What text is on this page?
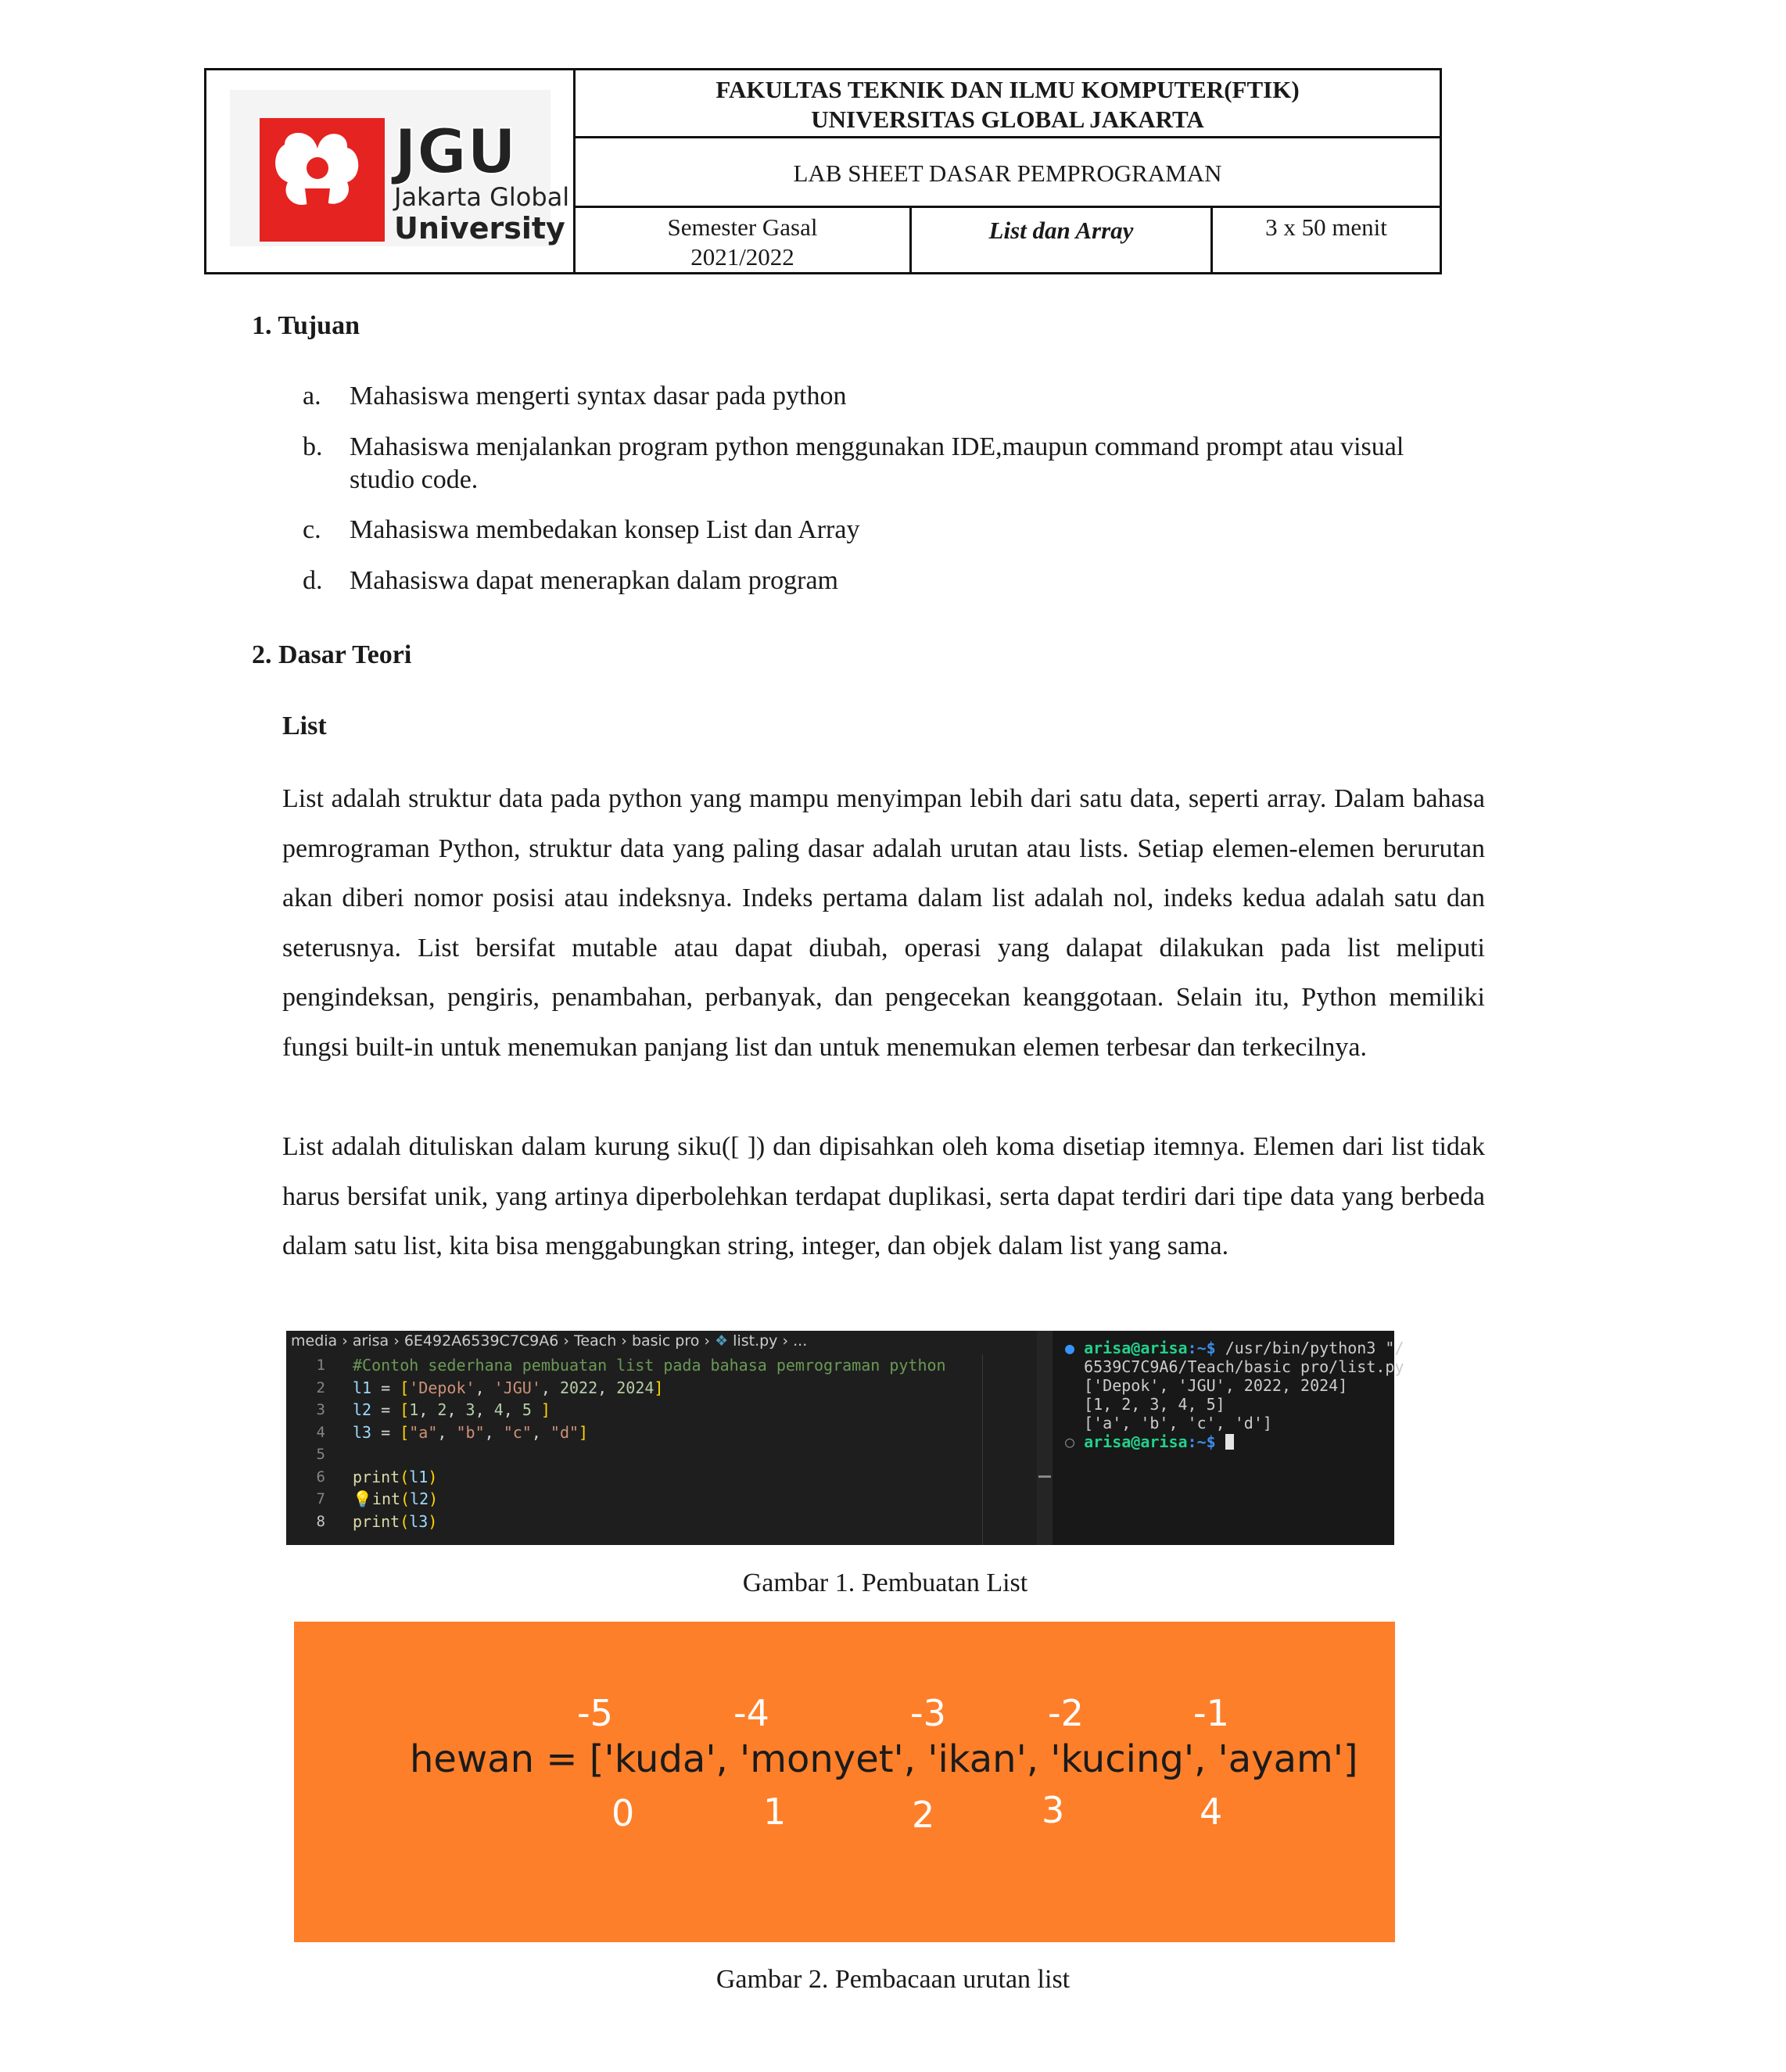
JGU
Jakarta Global
University
FAKULTAS TEKNIK DAN ILMU KOMPUTER(FTIK)
UNIVERSITAS GLOBAL JAKARTA
LAB SHEET DASAR PEMPROGRAMAN
Semester Gasal
2021/2022
List dan Array	3 x 50 menit
1. Tujuan
a. Mahasiswa mengerti syntax dasar pada python
b. Mahasiswa menjalankan program python menggunakan IDE,maupun command prompt atau visual studio code.
c. Mahasiswa membedakan konsep List dan Array
d. Mahasiswa dapat menerapkan dalam program
2. Dasar Teori
List
List adalah struktur data pada python yang mampu menyimpan lebih dari satu data, seperti array. Dalam bahasa pemrograman Python, struktur data yang paling dasar adalah urutan atau lists. Setiap elemen-elemen berurutan akan diberi nomor posisi atau indeksnya. Indeks pertama dalam list adalah nol, indeks kedua adalah satu dan seterusnya. List bersifat mutable atau dapat diubah, operasi yang dalapat dilakukan pada list meliputi pengindeksan, pengiris, penambahan, perbanyak, dan pengecekan keanggotaan. Selain itu, Python memiliki fungsi built-in untuk menemukan panjang list dan untuk menemukan elemen terbesar dan terkecilnya.
List adalah dituliskan dalam kurung siku([ ]) dan dipisahkan oleh koma disetiap itemnya. Elemen dari list tidak harus bersifat unik, yang artinya diperbolehkan terdapat duplikasi, serta dapat terdiri dari tipe data yang berbeda dalam satu list, kita bisa menggabungkan string, integer, dan objek dalam list yang sama.
media › arisa › 6E492A6539C7C9A6 › Teach › basic pro › ❖ list.py › ...
1
2
3
4
5
6
7
8
#Contoh sederhana pembuatan list pada bahasa pemrograman python
l1 = ['Depok', 'JGU', 2022, 2024]
l2 = [1, 2, 3, 4, 5 ]
l3 = ["a", "b", "c", "d"]

print(l1)
💡int(l2)
print(l3)
● arisa@arisa:~$ /usr/bin/python3 "/
6539C7C9A6/Teach/basic pro/list.py
['Depok', 'JGU', 2022, 2024]
[1, 2, 3, 4, 5]
['a', 'b', 'c', 'd']
○ arisa@arisa:~$
Gambar 1. Pembuatan List
-5	-4	-3	-2	-1
hewan = ['kuda', 'monyet', 'ikan', 'kucing', 'ayam']
0	1	2	3	4
Gambar 2. Pembacaan urutan list
